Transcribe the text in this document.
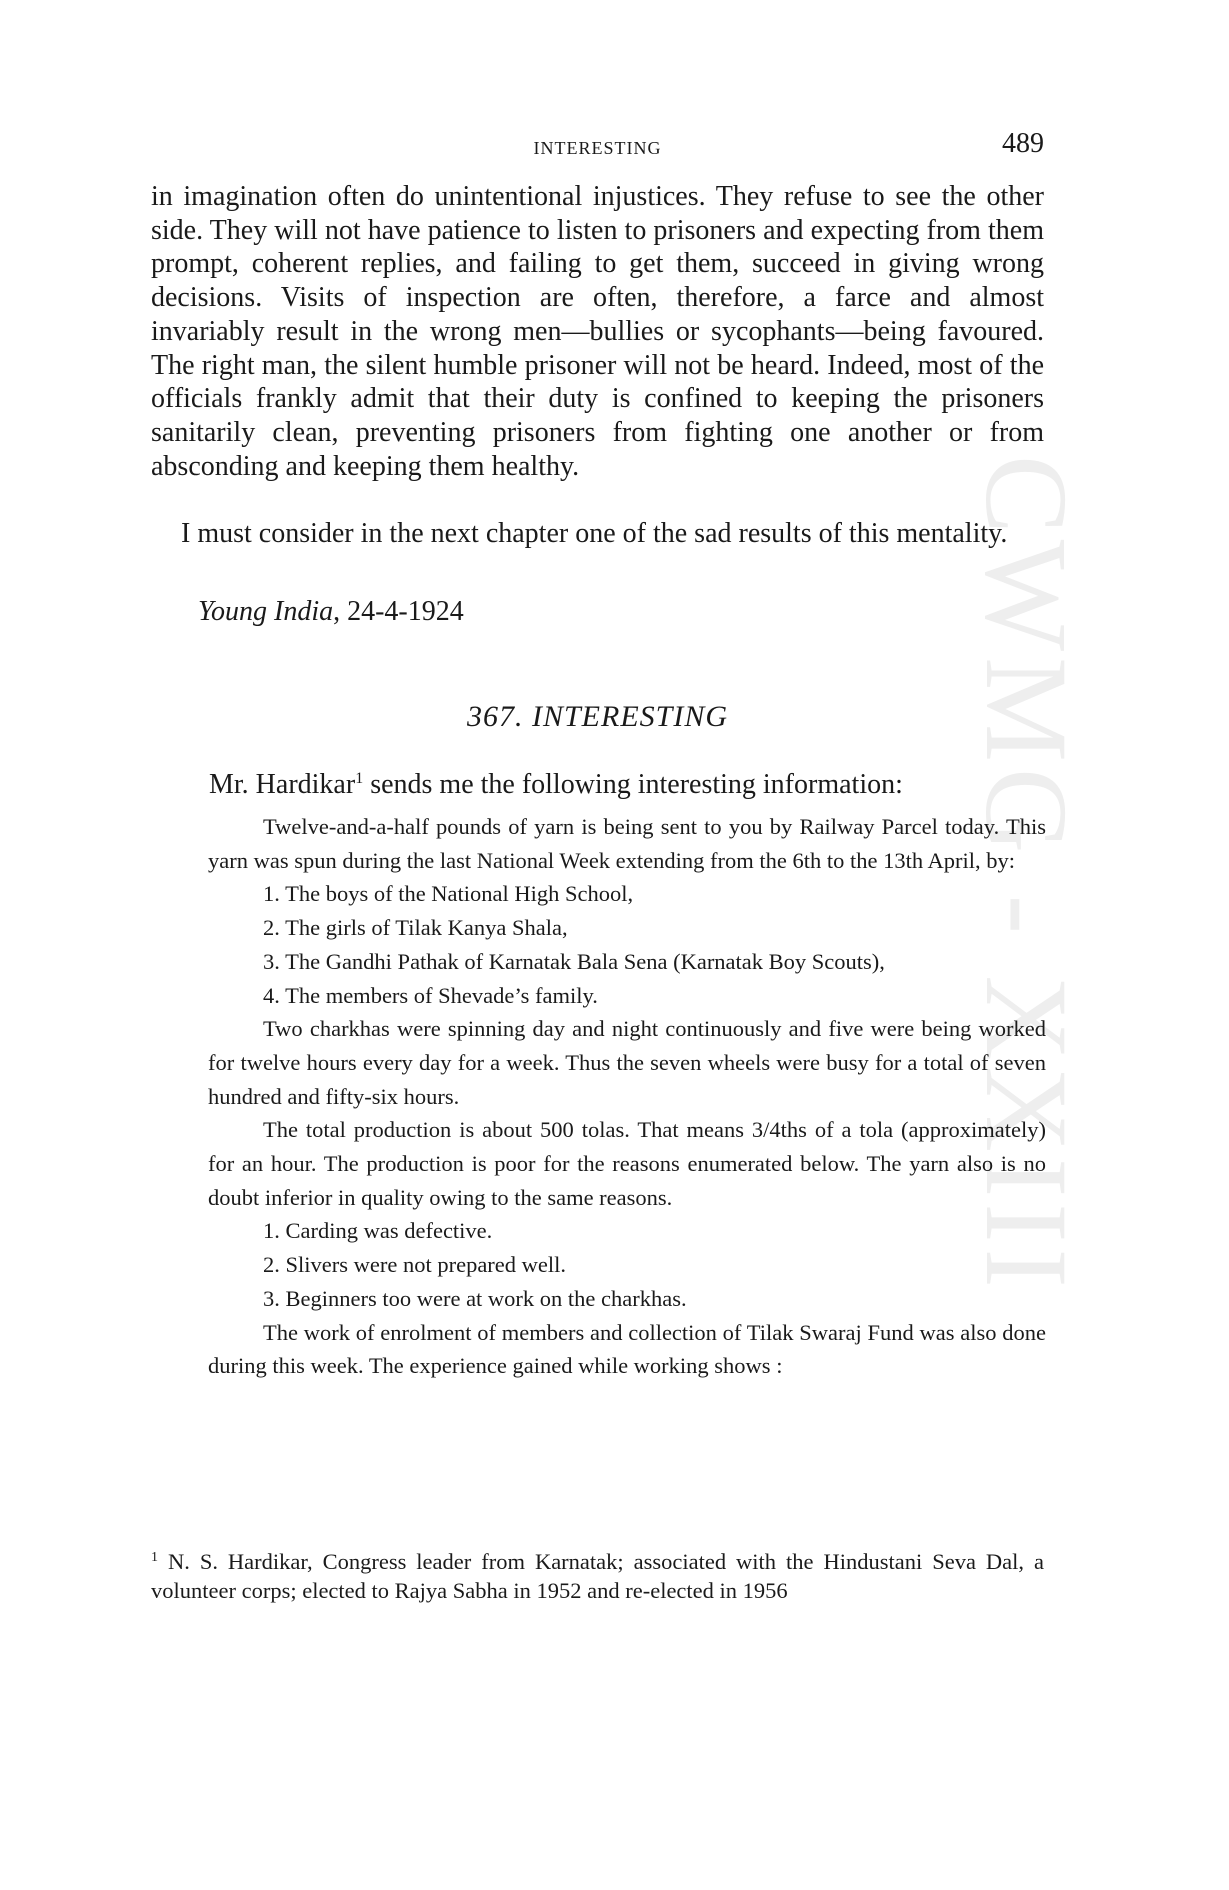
CWMG - XXIII
INTERESTING	489
in imagination often do unintentional injustices. They refuse to see the other side. They will not have patience to listen to prisoners and expecting from them prompt, coherent replies, and failing to get them, succeed in giving wrong decisions. Visits of inspection are often, therefore, a farce and almost invariably result in the wrong men—bullies or sycophants—being favoured. The right man, the silent humble prisoner will not be heard. Indeed, most of the officials frankly admit that their duty is confined to keeping the prisoners sanitarily clean, preventing prisoners from fighting one another or from absconding and keeping them healthy.
I must consider in the next chapter one of the sad results of this mentality.
Young India, 24-4-1924
367. INTERESTING
Mr. Hardikar$^1$ sends me the following interesting information:

Twelve-and-a-half pounds of yarn is being sent to you by Railway Parcel today. This yarn was spun during the last National Week extending from the 6th to the 13th April, by:

1. The boys of the National High School,

2. The girls of Tilak Kanya Shala,

3. The Gandhi Pathak of Karnatak Bala Sena (Karnatak Boy Scouts),

4. The members of Shevade’s family.

Two charkhas were spinning day and night continuously and five were being worked for twelve hours every day for a week. Thus the seven wheels were busy for a total of seven hundred and fifty-six hours.

The total production is about 500 tolas. That means 3/4ths of a tola (approximately) for an hour. The production is poor for the reasons enumerated below. The yarn also is no doubt inferior in quality owing to the same reasons.

1. Carding was defective.

2. Slivers were not prepared well.

3. Beginners too were at work on the charkhas.

The work of enrolment of members and collection of Tilak Swaraj Fund was also done during this week. The experience gained while working shows :

$^1$ N. S. Hardikar, Congress leader from Karnatak; associated with the Hindustani Seva Dal, a volunteer corps; elected to Rajya Sabha in 1952 and re-elected in 1956
